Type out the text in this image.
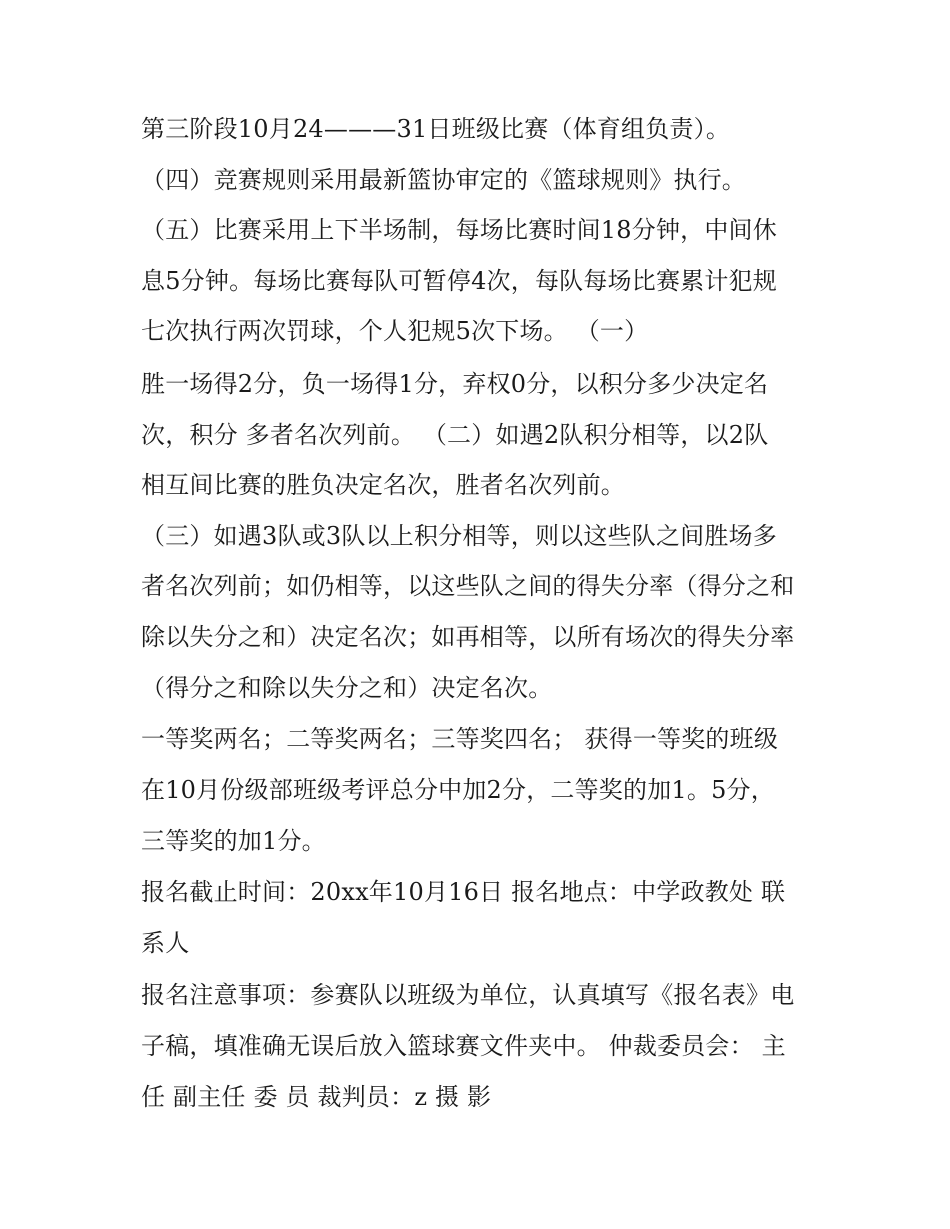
第三阶段10月24———31日班级比赛（体育组负责）。
（四）竞赛规则采用最新篮协审定的《篮球规则》执行。
（五）比赛采用上下半场制，每场比赛时间18分钟，中间休
息5分钟。每场比赛每队可暂停4次，每队每场比赛累计犯规
七次执行两次罚球，个人犯规5次下场。 （一）
胜一场得2分，负一场得1分，弃权0分，以积分多少决定名
次，积分 多者名次列前。 （二）如遇2队积分相等，以2队
相互间比赛的胜负决定名次，胜者名次列前。
（三）如遇3队或3队以上积分相等，则以这些队之间胜场多
者名次列前；如仍相等，以这些队之间的得失分率（得分之和
除以失分之和）决定名次；如再相等，以所有场次的得失分率
（得分之和除以失分之和）决定名次。
一等奖两名；二等奖两名；三等奖四名； 获得一等奖的班级
在10月份级部班级考评总分中加2分，二等奖的加1。5分，
三等奖的加1分。
报名截止时间：20xx年10月16日 报名地点：中学政教处 联
系人
报名注意事项：参赛队以班级为单位，认真填写《报名表》电
子稿，填准确无误后放入篮球赛文件夹中。 仲裁委员会： 主
任 副主任 委 员 裁判员：z 摄 影
